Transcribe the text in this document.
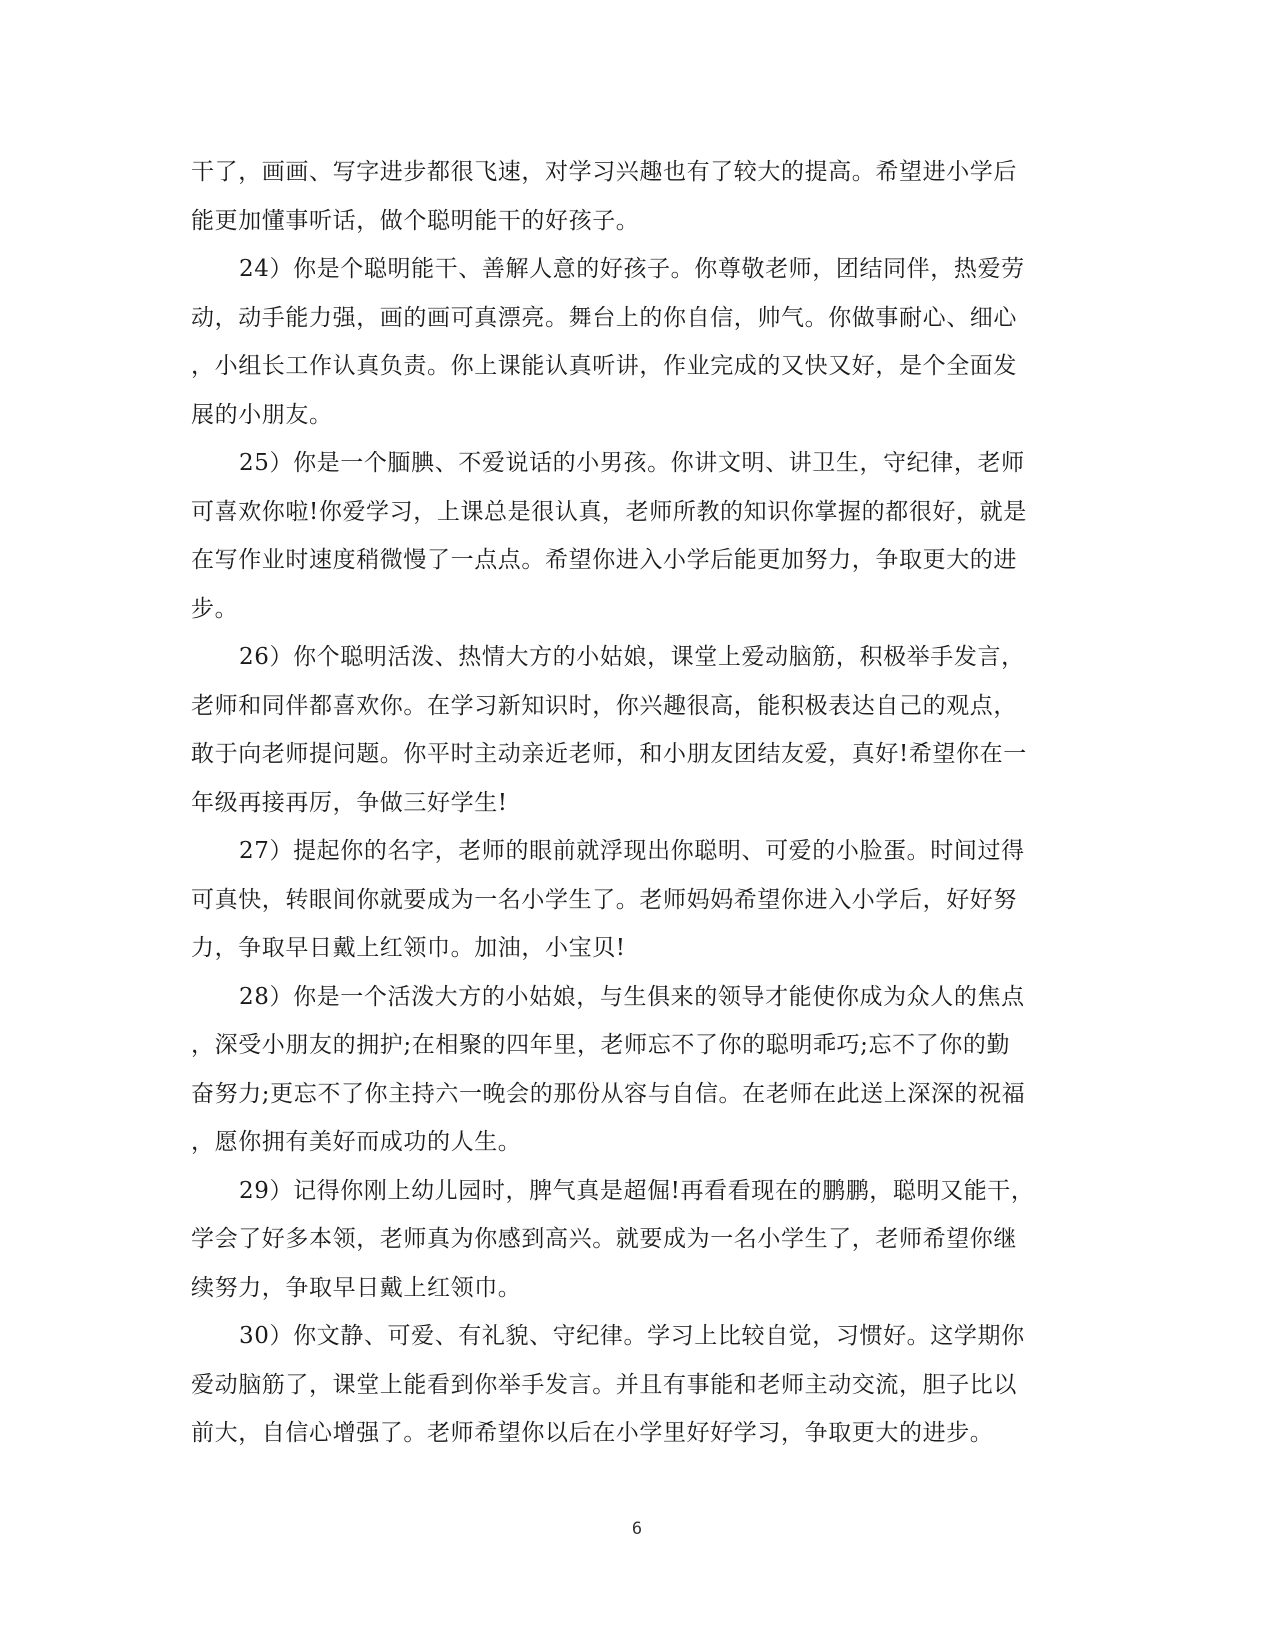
干了，画画、写字进步都很飞速，对学习兴趣也有了较大的提高。希望进小学后
能更加懂事听话，做个聪明能干的好孩子。
24）你是个聪明能干、善解人意的好孩子。你尊敬老师，团结同伴，热爱劳
动，动手能力强，画的画可真漂亮。舞台上的你自信，帅气。你做事耐心、细心
，小组长工作认真负责。你上课能认真听讲，作业完成的又快又好，是个全面发
展的小朋友。
25）你是一个腼腆、不爱说话的小男孩。你讲文明、讲卫生，守纪律，老师
可喜欢你啦!你爱学习，上课总是很认真，老师所教的知识你掌握的都很好，就是
在写作业时速度稍微慢了一点点。希望你进入小学后能更加努力，争取更大的进
步。
26）你个聪明活泼、热情大方的小姑娘，课堂上爱动脑筋，积极举手发言，
老师和同伴都喜欢你。在学习新知识时，你兴趣很高，能积极表达自己的观点，
敢于向老师提问题。你平时主动亲近老师，和小朋友团结友爱，真好!希望你在一
年级再接再厉，争做三好学生!
27）提起你的名字，老师的眼前就浮现出你聪明、可爱的小脸蛋。时间过得
可真快，转眼间你就要成为一名小学生了。老师妈妈希望你进入小学后，好好努
力，争取早日戴上红领巾。加油，小宝贝!
28）你是一个活泼大方的小姑娘，与生俱来的领导才能使你成为众人的焦点
，深受小朋友的拥护;在相聚的四年里，老师忘不了你的聪明乖巧;忘不了你的勤
奋努力;更忘不了你主持六一晚会的那份从容与自信。在老师在此送上深深的祝福
，愿你拥有美好而成功的人生。
29）记得你刚上幼儿园时，脾气真是超倔!再看看现在的鹏鹏，聪明又能干，
学会了好多本领，老师真为你感到高兴。就要成为一名小学生了，老师希望你继
续努力，争取早日戴上红领巾。
30）你文静、可爱、有礼貌、守纪律。学习上比较自觉，习惯好。这学期你
爱动脑筋了，课堂上能看到你举手发言。并且有事能和老师主动交流，胆子比以
前大，自信心增强了。老师希望你以后在小学里好好学习，争取更大的进步。
6
